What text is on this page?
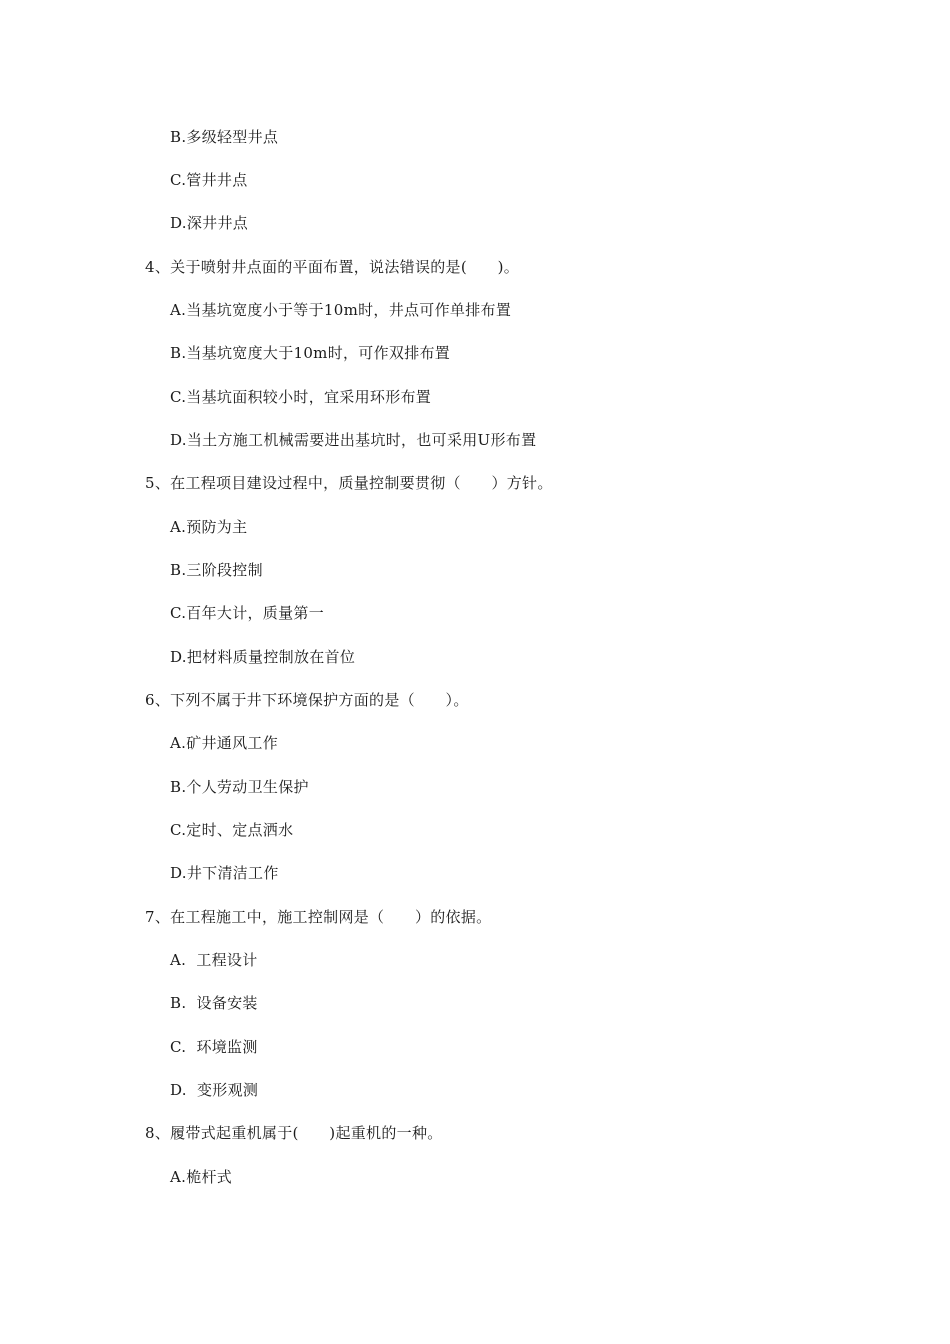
B.多级轻型井点
C.管井井点
D.深井井点
4、关于喷射井点面的平面布置，说法错误的是(　　)。
A.当基坑宽度小于等于10m时，井点可作单排布置
B.当基坑宽度大于10m时，可作双排布置
C.当基坑面积较小时，宜采用环形布置
D.当土方施工机械需要进出基坑时，也可采用U形布置
5、在工程项目建设过程中，质量控制要贯彻（　　）方针。
A.预防为主
B.三阶段控制
C.百年大计，质量第一
D.把材料质量控制放在首位
6、下列不属于井下环境保护方面的是（　　）。
A.矿井通风工作
B.个人劳动卫生保护
C.定时、定点洒水
D.井下清洁工作
7、在工程施工中，施工控制网是（　　）的依据。
A.  工程设计
B.  设备安装
C.  环境监测
D.  变形观测
8、履带式起重机属于(　　)起重机的一种。
A.桅杆式
